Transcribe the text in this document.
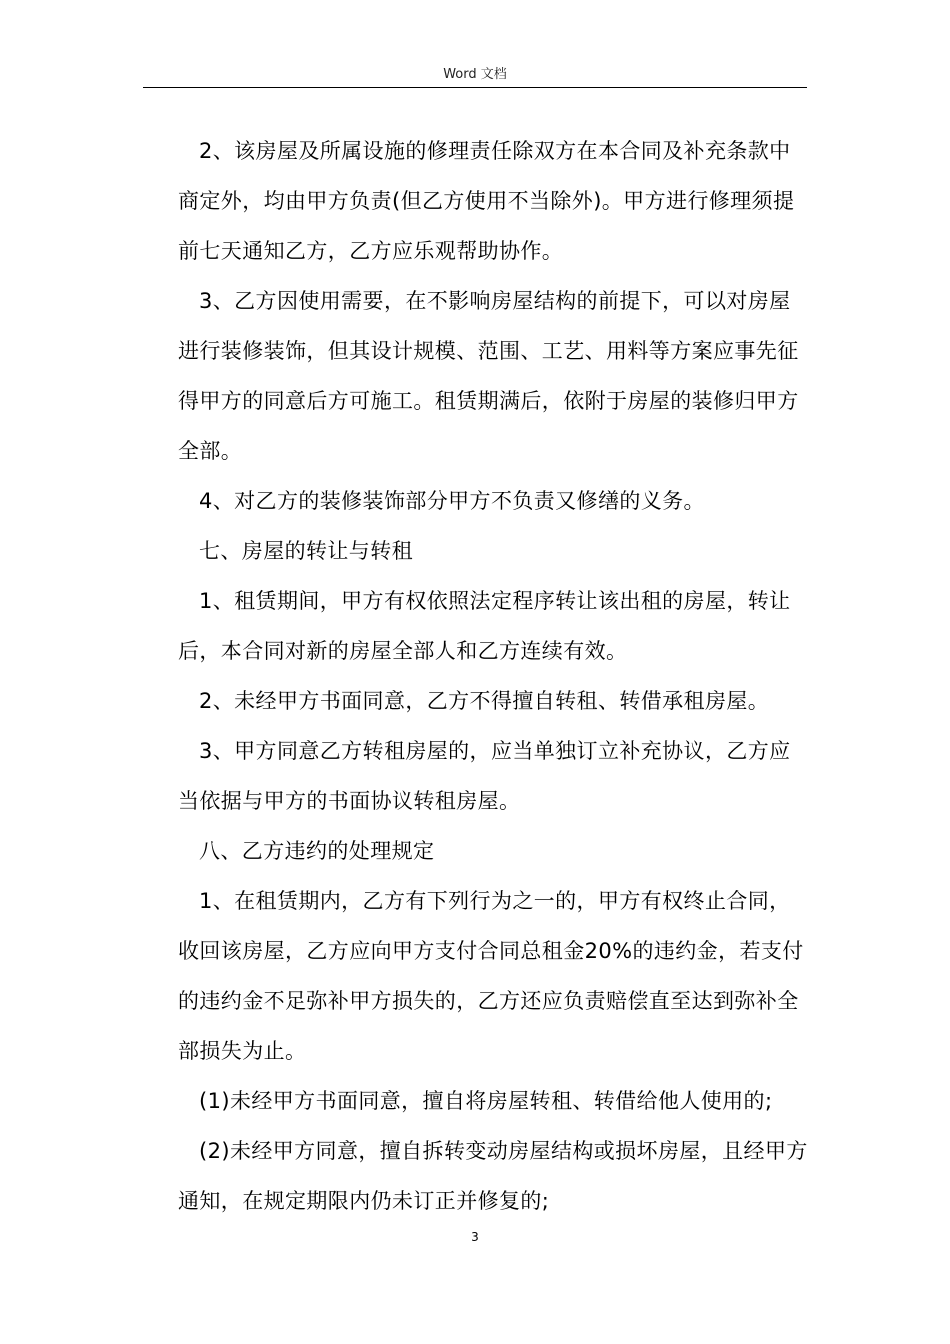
Word 文档

2、该房屋及所属设施的修理责任除双方在本合同及补充条款中商定外，均由甲方负责(但乙方使用不当除外)。甲方进行修理须提前七天通知乙方，乙方应乐观帮助协作。

3、乙方因使用需要，在不影响房屋结构的前提下，可以对房屋进行装修装饰，但其设计规模、范围、工艺、用料等方案应事先征得甲方的同意后方可施工。租赁期满后，依附于房屋的装修归甲方全部。

4、对乙方的装修装饰部分甲方不负责又修缮的义务。

七、房屋的转让与转租

1、租赁期间，甲方有权依照法定程序转让该出租的房屋，转让后，本合同对新的房屋全部人和乙方连续有效。

2、未经甲方书面同意，乙方不得擅自转租、转借承租房屋。

3、甲方同意乙方转租房屋的，应当单独订立补充协议，乙方应当依据与甲方的书面协议转租房屋。

八、乙方违约的处理规定

1、在租赁期内，乙方有下列行为之一的，甲方有权终止合同，收回该房屋，乙方应向甲方支付合同总租金20%的违约金，若支付的违约金不足弥补甲方损失的，乙方还应负责赔偿直至达到弥补全部损失为止。

(1)未经甲方书面同意，擅自将房屋转租、转借给他人使用的;

(2)未经甲方同意，擅自拆转变动房屋结构或损坏房屋，且经甲方通知，在规定期限内仍未订正并修复的;

3
